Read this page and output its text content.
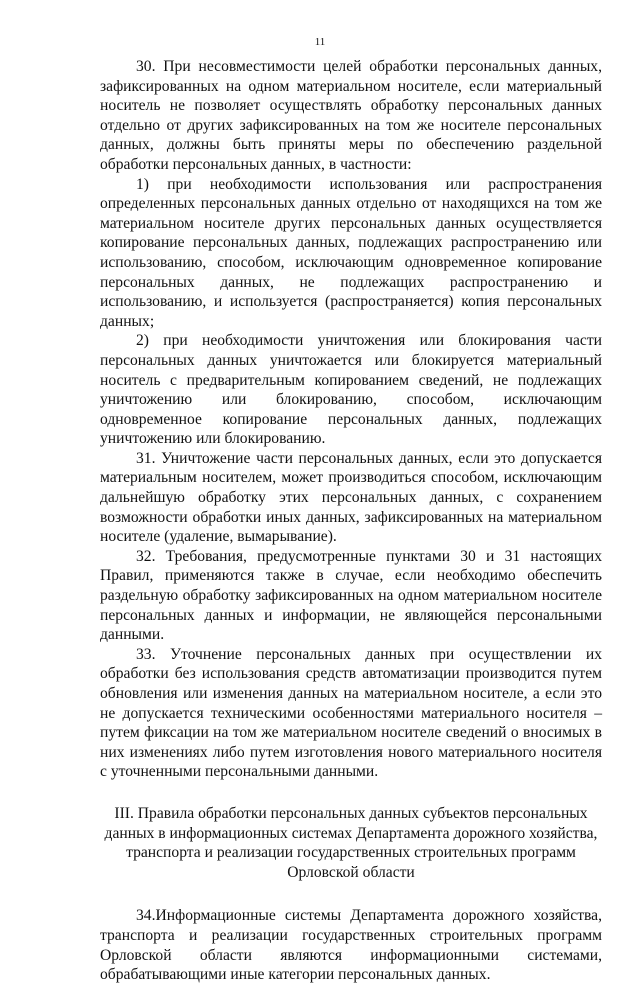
11

30. При несовместимости целей обработки персональных данных, зафиксированных на одном материальном носителе, если материальный носитель не позволяет осуществлять обработку персональных данных отдельно от других зафиксированных на том же носителе персональных данных, должны быть приняты меры по обеспечению раздельной обработки персональных данных, в частности:

1) при необходимости использования или распространения определенных персональных данных отдельно от находящихся на том же материальном носителе других персональных данных осуществляется копирование персональных данных, подлежащих распространению или использованию, способом, исключающим одновременное копирование персональных данных, не подлежащих распространению и использованию, и используется (распространяется) копия персональных данных;

2) при необходимости уничтожения или блокирования части персональных данных уничтожается или блокируется материальный носитель с предварительным копированием сведений, не подлежащих уничтожению или блокированию, способом, исключающим одновременное копирование персональных данных, подлежащих уничтожению или блокированию.

31. Уничтожение части персональных данных, если это допускается материальным носителем, может производиться способом, исключающим дальнейшую обработку этих персональных данных, с сохранением возможности обработки иных данных, зафиксированных на материальном носителе (удаление, вымарывание).

32. Требования, предусмотренные пунктами 30 и 31 настоящих Правил, применяются также в случае, если необходимо обеспечить раздельную обработку зафиксированных на одном материальном носителе персональных данных и информации, не являющейся персональными данными.

33. Уточнение персональных данных при осуществлении их обработки без использования средств автоматизации производится путем обновления или изменения данных на материальном носителе, а если это не допускается техническими особенностями материального носителя – путем фиксации на том же материальном носителе сведений о вносимых в них изменениях либо путем изготовления нового материального носителя с уточненными персональными данными.

III. Правила обработки персональных данных субъектов персональных данных в информационных системах Департамента дорожного хозяйства, транспорта и реализации государственных строительных программ Орловской области

34.Информационные системы Департамента дорожного хозяйства, транспорта и реализации государственных строительных программ Орловской области являются информационными системами, обрабатывающими иные категории персональных данных.
